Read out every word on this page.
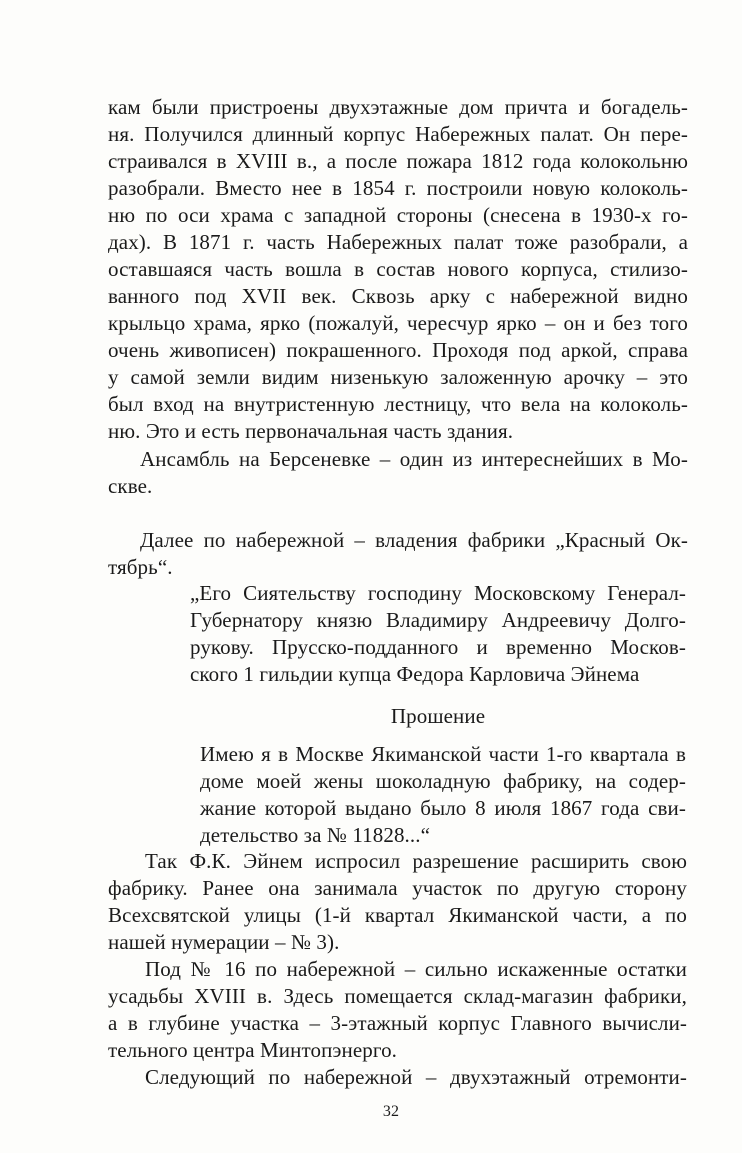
кам были пристроены двухэтажные дом причта и богадель-
ня. Получился длинный корпус Набережных палат. Он пере-
страивался в XVIII в., а после пожара 1812 года колокольню
разобрали. Вместо нее в 1854 г. построили новую колоколь-
ню по оси храма с западной стороны (снесена в 1930-х го-
дах). В 1871 г. часть Набережных палат тоже разобрали, а
оставшаяся часть вошла в состав нового корпуса, стилизо-
ванного под XVII век. Сквозь арку с набережной видно
крыльцо храма, ярко (пожалуй, чересчур ярко – он и без того
очень живописен) покрашенного. Проходя под аркой, справа
у самой земли видим низенькую заложенную арочку – это
был вход на внутристенную лестницу, что вела на колоколь-
ню. Это и есть первоначальная часть здания.
Ансамбль на Берсеневке – один из интереснейших в Мо-
скве.
Далее по набережной – владения фабрики „Красный Ок-
тябрь“.
„Его Сиятельству господину Московскому Генерал-
Губернатору князю Владимиру Андреевичу Долго-
рукову. Прусско-подданного и временно Москов-
ского 1 гильдии купца Федора Карловича Эйнема
Прошение
Имею я в Москве Якиманской части 1-го квартала в
доме моей жены шоколадную фабрику, на содер-
жание которой выдано было 8 июля 1867 года сви-
детельство за № 11828...“
Так Ф.К. Эйнем испросил разрешение расширить свою
фабрику. Ранее она занимала участок по другую сторону
Всехсвятской улицы (1-й квартал Якиманской части, а по
нашей нумерации – № 3).
Под № 16 по набережной – сильно искаженные остатки
усадьбы XVIII в. Здесь помещается склад-магазин фабрики,
а в глубине участка – 3-этажный корпус Главного вычисли-
тельного центра Минтопэнерго.
Следующий по набережной – двухэтажный отремонти-
32
